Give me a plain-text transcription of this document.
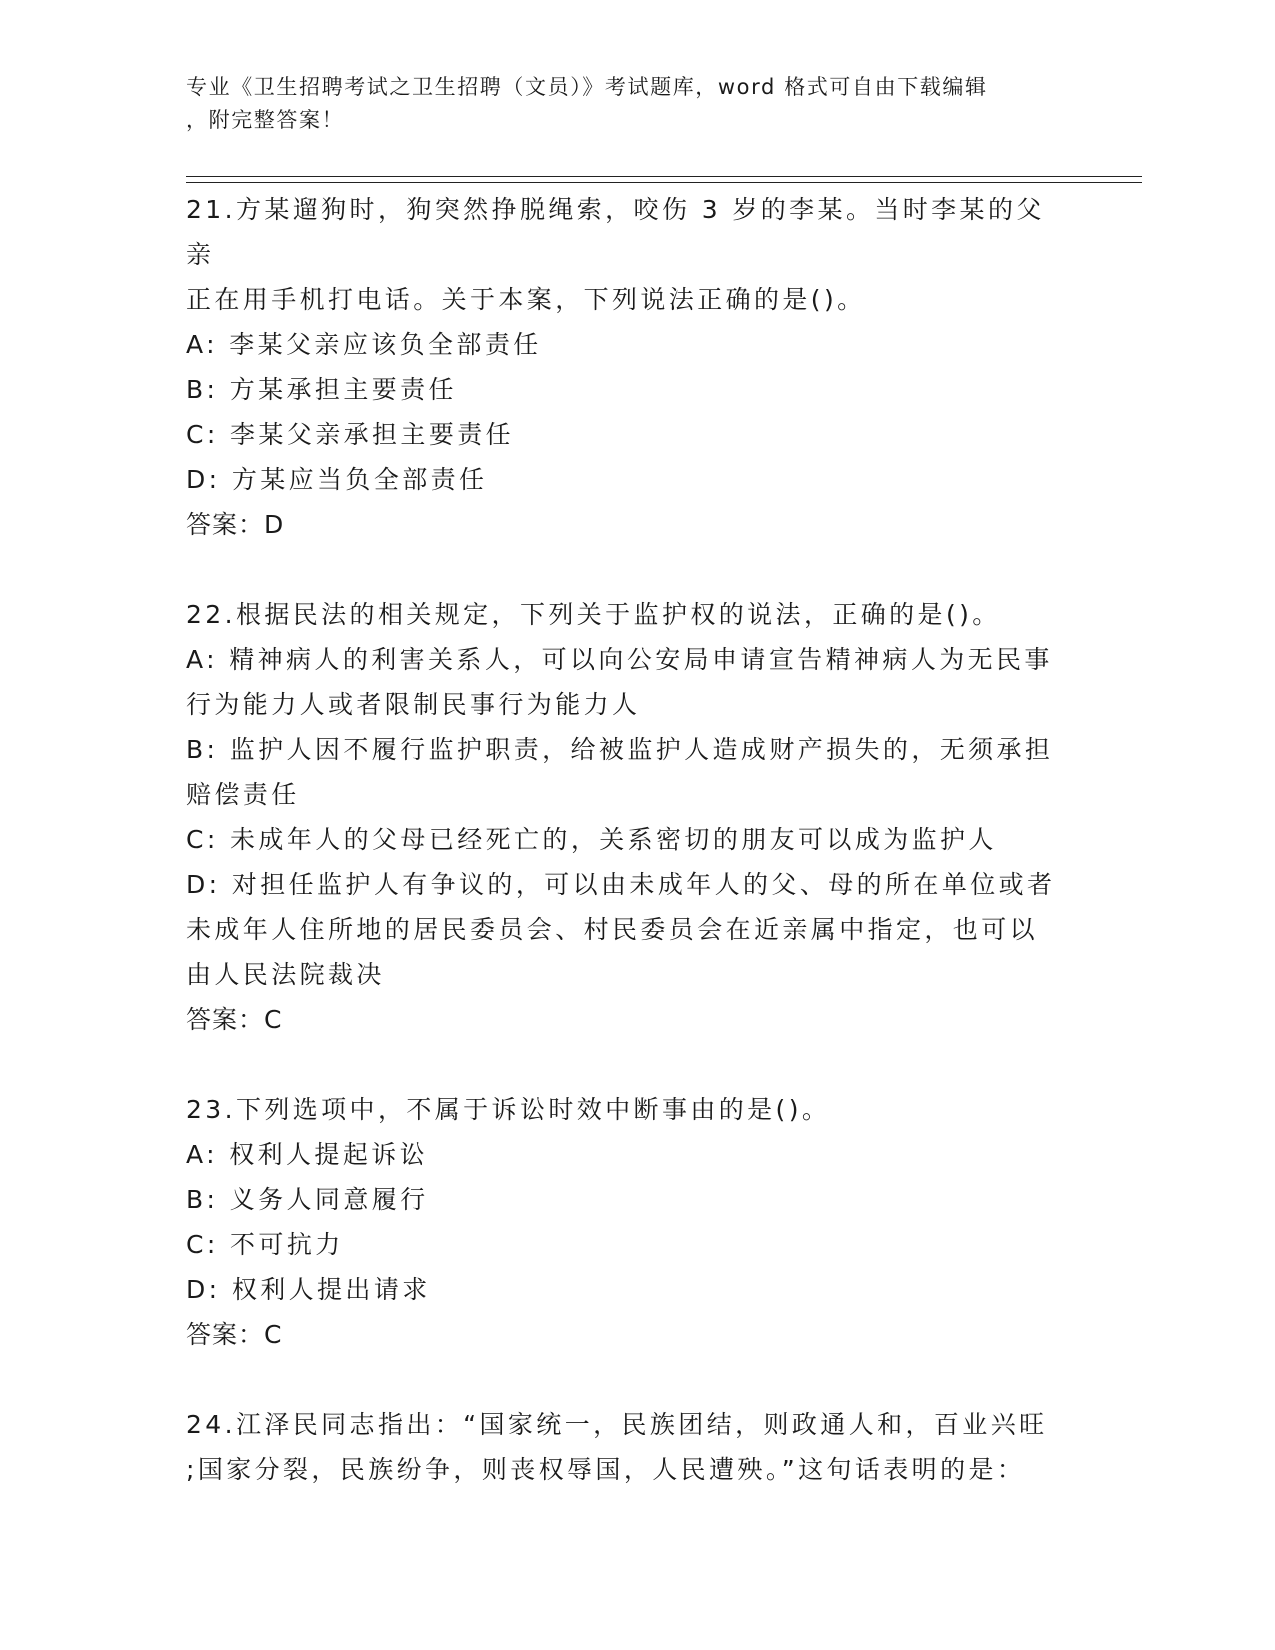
专业《卫生招聘考试之卫生招聘（文员）》考试题库，word 格式可自由下载编辑
，附完整答案！
21.方某遛狗时，狗突然挣脱绳索，咬伤 3 岁的李某。当时李某的父亲
正在用手机打电话。关于本案，下列说法正确的是()。
A: 李某父亲应该负全部责任
B: 方某承担主要责任
C: 李某父亲承担主要责任
D: 方某应当负全部责任
答案：D
22.根据民法的相关规定，下列关于监护权的说法，正确的是()。
A: 精神病人的利害关系人，可以向公安局申请宣告精神病人为无民事
行为能力人或者限制民事行为能力人
B: 监护人因不履行监护职责，给被监护人造成财产损失的，无须承担
赔偿责任
C: 未成年人的父母已经死亡的，关系密切的朋友可以成为监护人
D: 对担任监护人有争议的，可以由未成年人的父、母的所在单位或者
未成年人住所地的居民委员会、村民委员会在近亲属中指定，也可以
由人民法院裁决
答案：C
23.下列选项中，不属于诉讼时效中断事由的是()。
A: 权利人提起诉讼
B: 义务人同意履行
C: 不可抗力
D: 权利人提出请求
答案：C
24.江泽民同志指出：“国家统一，民族团结，则政通人和，百业兴旺
;国家分裂，民族纷争，则丧权辱国，人民遭殃。”这句话表明的是：
